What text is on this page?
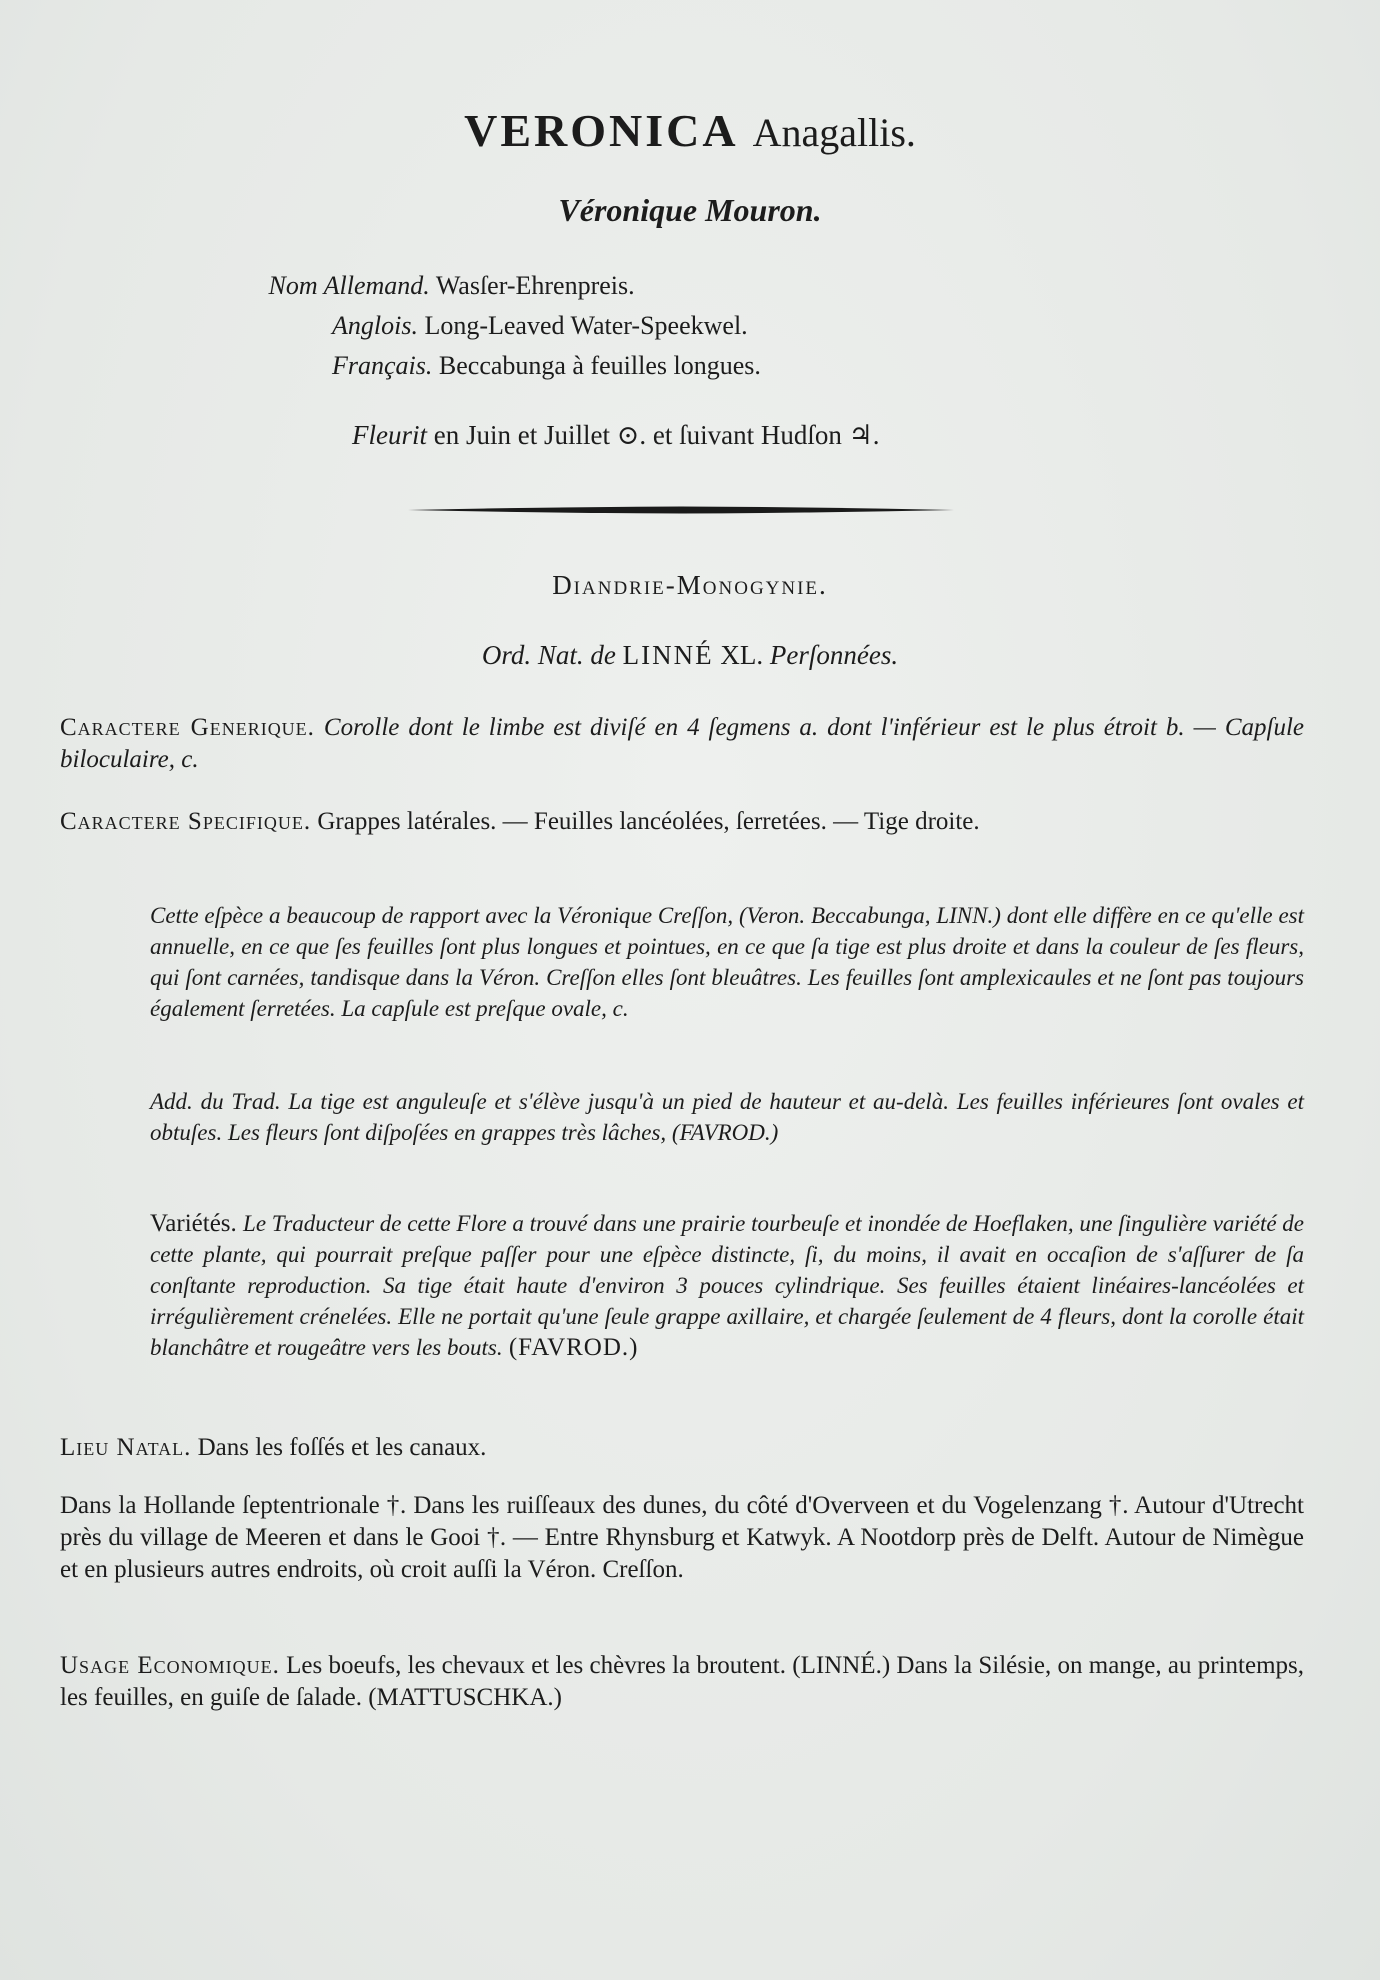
VERONICA Anagallis.
Véronique Mouron.
Nom Allemand. Wasſer-Ehrenpreis.
Anglois. Long-Leaved Water-Speekwel.
Français. Beccabunga à feuilles longues.
Fleurit en Juin et Juillet ⊙. et ſuivant Hudſon ♃.
Diandrie-Monogynie.
Ord. Nat. de LINNÉ XL. Perſonnées.
Caractere Generique. Corolle dont le limbe est diviſé en 4 ſegmens a. dont l'inférieur est le plus étroit b. — Capſule biloculaire, c.
Caractere Specifique. Grappes latérales. — Feuilles lancéolées, ſerretées. — Tige droite.
Cette eſpèce a beaucoup de rapport avec la Véronique Creſſon, (Veron. Beccabunga, LINN.) dont elle diffère en ce qu'elle est annuelle, en ce que ſes feuilles ſont plus longues et pointues, en ce que ſa tige est plus droite et dans la couleur de ſes fleurs, qui ſont carnées, tandisque dans la Véron. Creſſon elles ſont bleuâtres. Les feuilles ſont amplexicaules et ne ſont pas toujours également ſerretées. La capſule est preſque ovale, c.
Add. du Trad. La tige est anguleuſe et s'élève jusqu'à un pied de hauteur et au-delà. Les feuilles inférieures ſont ovales et obtuſes. Les fleurs ſont diſpoſées en grappes très lâches, (FAVROD.)
Variétés. Le Traducteur de cette Flore a trouvé dans une prairie tourbeuſe et inondée de Hoeflaken, une ſingulière variété de cette plante, qui pourrait preſque paſſer pour une eſpèce distincte, ſi, du moins, il avait en occaſion de s'aſſurer de ſa conſtante reproduction. Sa tige était haute d'environ 3 pouces cylindrique. Ses feuilles étaient linéaires-lancéolées et irrégulièrement crénelées. Elle ne portait qu'une ſeule grappe axillaire, et chargée ſeulement de 4 fleurs, dont la corolle était blanchâtre et rougeâtre vers les bouts. (FAVROD.)
Lieu Natal. Dans les foſſés et les canaux.
Dans la Hollande ſeptentrionale †. Dans les ruiſſeaux des dunes, du côté d'Overveen et du Vogelenzang †. Autour d'Utrecht près du village de Meeren et dans le Gooi †. — Entre Rhynsburg et Katwyk. A Nootdorp près de Delft. Autour de Nimègue et en plusieurs autres endroits, où croit auſſi la Véron. Creſſon.
Usage Economique. Les boeufs, les chevaux et les chèvres la broutent. (LINNÉ.) Dans la Silésie, on mange, au printemps, les feuilles, en guiſe de ſalade. (MATTUSCHKA.)
